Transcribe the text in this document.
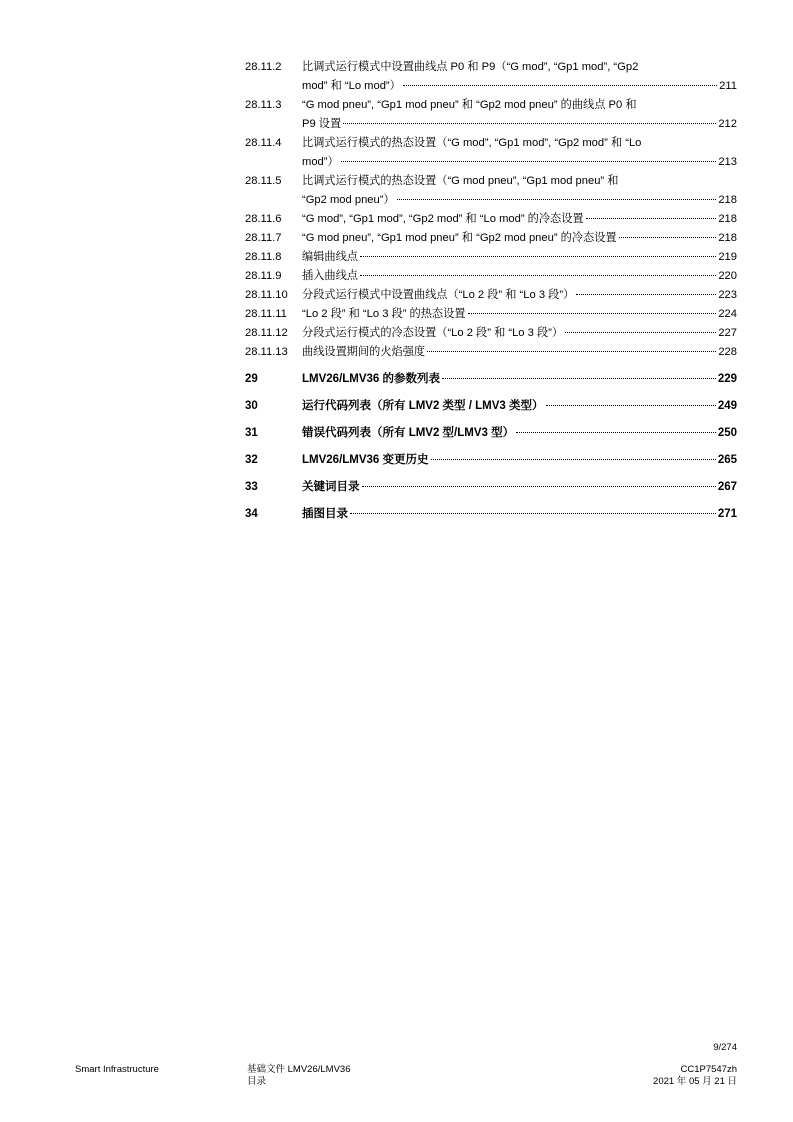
28.11.2 比调式运行模式中设置曲线点 P0 和 P9（“G mod”, “Gp1 mod”, “Gp2
mod” 和 “Lo mod”）	211
28.11.3 “G mod pneu”, “Gp1 mod pneu” 和 “Gp2 mod pneu” 的曲线点 P0 和
P9 设置	212
28.11.4 比调式运行模式的热态设置（“G mod”, “Gp1 mod”, “Gp2 mod” 和 “Lo
mod”）	213
28.11.5 比调式运行模式的热态设置（“G mod pneu”, “Gp1 mod pneu” 和
“Gp2 mod pneu”）	218
28.11.6 “G mod”, “Gp1 mod”, “Gp2 mod” 和 “Lo mod” 的冷态设置	218
28.11.7 “G mod pneu”, “Gp1 mod pneu” 和 “Gp2 mod pneu” 的冷态设置	218
28.11.8 编辑曲线点	219
28.11.9 插入曲线点	220
28.11.10 分段式运行模式中设置曲线点（“Lo 2 段” 和 “Lo 3 段”）	223
28.11.11 “Lo 2 段” 和 “Lo 3 段” 的热态设置	224
28.11.12 分段式运行模式的冷态设置（“Lo 2 段” 和 “Lo 3 段”）	227
28.11.13 曲线设置期间的火焰强度	228
29	LMV26/LMV36 的参数列表	229
30	运行代码列表（所有 LMV2 类型 / LMV3 类型）	249
31	错误代码列表（所有 LMV2 型/LMV3 型）	250
32	LMV26/LMV36 变更历史	265
33	关键词目录	267
34	插图目录	271
9/274
Smart Infrastructure	基础文件 LMV26/LMV36
目录
CC1P7547zh
2021 年 05 月 21 日
